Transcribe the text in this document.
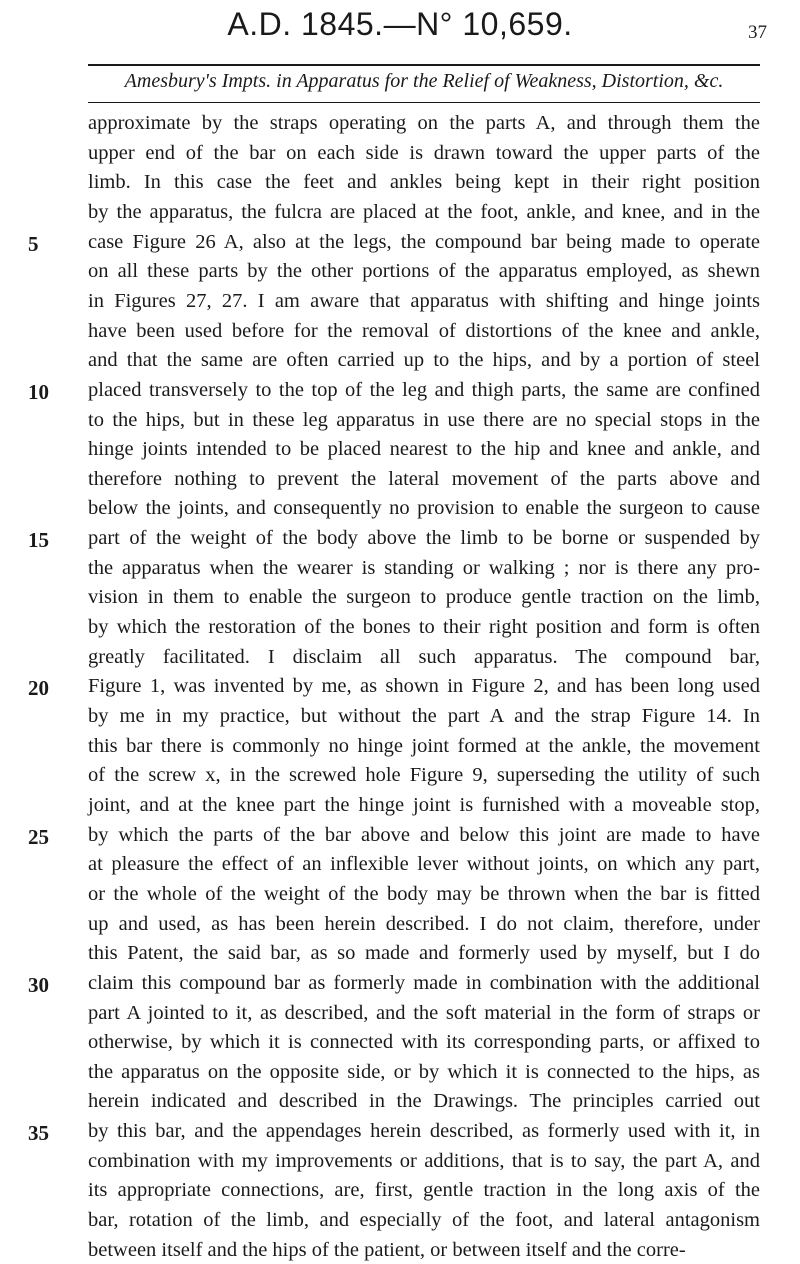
A.D. 1845.—N° 10,659.	37
Amesbury's Impts. in Apparatus for the Relief of Weakness, Distortion, &c.
5
10
15
20
25
30
35
approximate by the straps operating on the parts A, and through them the
upper end of the bar on each side is drawn toward the upper parts of the
limb. In this case the feet and ankles being kept in their right position
by the apparatus, the fulcra are placed at the foot, ankle, and knee, and in the
case Figure 26 A, also at the legs, the compound bar being made to operate
on all these parts by the other portions of the apparatus employed, as shewn
in Figures 27, 27. I am aware that apparatus with shifting and hinge joints
have been used before for the removal of distortions of the knee and ankle,
and that the same are often carried up to the hips, and by a portion of steel
placed transversely to the top of the leg and thigh parts, the same are confined
to the hips, but in these leg apparatus in use there are no special stops in the
hinge joints intended to be placed nearest to the hip and knee and ankle, and
therefore nothing to prevent the lateral movement of the parts above and
below the joints, and consequently no provision to enable the surgeon to cause
part of the weight of the body above the limb to be borne or suspended by
the apparatus when the wearer is standing or walking ; nor is there any pro-
vision in them to enable the surgeon to produce gentle traction on the limb,
by which the restoration of the bones to their right position and form is often
greatly facilitated. I disclaim all such apparatus. The compound bar,
Figure 1, was invented by me, as shown in Figure 2, and has been long used
by me in my practice, but without the part A and the strap Figure 14. In
this bar there is commonly no hinge joint formed at the ankle, the movement
of the screw x, in the screwed hole Figure 9, superseding the utility of such
joint, and at the knee part the hinge joint is furnished with a moveable stop,
by which the parts of the bar above and below this joint are made to have
at pleasure the effect of an inflexible lever without joints, on which any part,
or the whole of the weight of the body may be thrown when the bar is fitted
up and used, as has been herein described. I do not claim, therefore, under
this Patent, the said bar, as so made and formerly used by myself, but I do
claim this compound bar as formerly made in combination with the additional
part A jointed to it, as described, and the soft material in the form of straps or
otherwise, by which it is connected with its corresponding parts, or affixed to
the apparatus on the opposite side, or by which it is connected to the hips, as
herein indicated and described in the Drawings. The principles carried out
by this bar, and the appendages herein described, as formerly used with it, in
combination with my improvements or additions, that is to say, the part A, and
its appropriate connections, are, first, gentle traction in the long axis of the
bar, rotation of the limb, and especially of the foot, and lateral antagonism
between itself and the hips of the patient, or between itself and the corre-
